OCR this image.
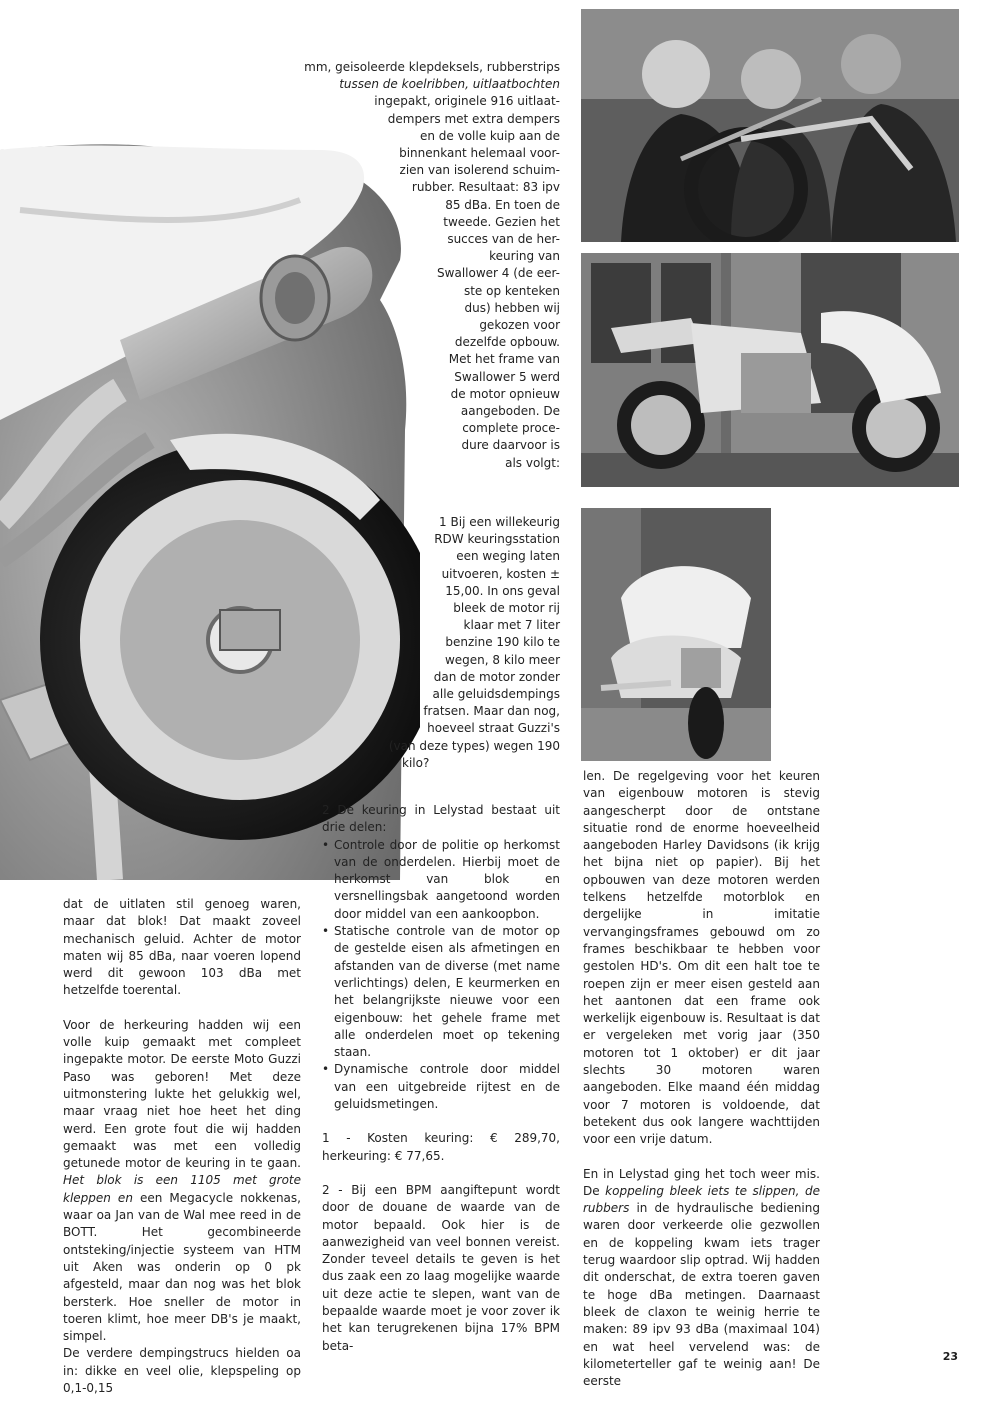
mm, geisoleerde klepdeksels, rubberstrips
tussen de koelribben, uitlaatbochten
ingepakt, originele 916 uitlaat-
dempers met extra dempers
en de volle kuip aan de
binnenkant helemaal voor-
zien van isolerend schuim-
rubber. Resultaat: 83 ipv
85 dBa. En toen de
tweede. Gezien het
succes van de her-
keuring van
Swallower 4 (de eer-
ste op kenteken
dus) hebben wij
gekozen voor
dezelfde opbouw.
Met het frame van
Swallower 5 werd
de motor opnieuw
aangeboden. De
complete proce-
dure daarvoor is
als volgt:
1 Bij een willekeurig
RDW keuringsstation
een weging laten
uitvoeren, kosten ±
15,00. In ons geval
bleek de motor rij
klaar met 7 liter
benzine 190 kilo te
wegen, 8 kilo meer
dan de motor zonder
alle geluidsdempings
fratsen. Maar dan nog,
hoeveel straat Guzzi's
(van deze types) wegen 190
kilo?

dat de uitlaten stil genoeg waren, maar dat blok! Dat maakt zoveel mechanisch geluid. Achter de motor maten wij 85 dBa, naar voeren lopend werd dit gewoon 103 dBa met hetzelfde toerental.

Voor de herkeuring hadden wij een volle kuip gemaakt met compleet ingepakte motor. De eerste Moto Guzzi Paso was geboren! Met deze uitmonstering lukte het gelukkig wel, maar vraag niet hoe heet het ding werd. Een grote fout die wij hadden gemaakt was met een volledig getunede motor de keuring in te gaan. Het blok is een 1105 met grote kleppen en een Megacycle nokkenas, waar oa Jan van de Wal mee reed in de BOTT. Het gecombineerde ontsteking/injectie systeem van HTM uit Aken was onderin op 0 pk afgesteld, maar dan nog was het blok bersterk. Hoe sneller de motor in toeren klimt, hoe meer DB's je maakt, simpel.

De verdere dempingstrucs hielden oa in: dikke en veel olie, klepspeling op 0,1-0,15

2 De keuring in Lelystad bestaat uit drie delen:

• Controle door de politie op herkomst van de onderdelen. Hierbij moet de herkomst van blok en versnellingsbak aangetoond worden door middel van een aankoopbon.
• Statische controle van de motor op de gestelde eisen als afmetingen en afstanden van de diverse (met name verlichtings) delen, E keurmerken en het belangrijkste nieuwe voor een eigenbouw: het gehele frame met alle onderdelen moet op tekening staan.
• Dynamische controle door middel van een uitgebreide rijtest en de geluidsmetingen.

1 - Kosten keuring: € 289,70, herkeuring: € 77,65.

2 - Bij een BPM aangiftepunt wordt door de douane de waarde van de motor bepaald. Ook hier is de aanwezigheid van veel bonnen vereist. Zonder teveel details te geven is het dus zaak een zo laag mogelijke waarde uit deze actie te slepen, want van de bepaalde waarde moet je voor zover ik het kan terugrekenen bijna 17% BPM beta-

len. De regelgeving voor het keuren van eigenbouw motoren is stevig aangescherpt door de ontstane situatie rond de enorme hoeveelheid aangeboden Harley Davidsons (ik krijg het bijna niet op papier). Bij het opbouwen van deze motoren werden telkens hetzelfde motorblok en dergelijke in imitatie vervangingsframes gebouwd om zo frames beschikbaar te hebben voor gestolen HD's. Om dit een halt toe te roepen zijn er meer eisen gesteld aan het aantonen dat een frame ook werkelijk eigenbouw is. Resultaat is dat er vergeleken met vorig jaar (350 motoren tot 1 oktober) er dit jaar slechts 30 motoren waren aangeboden. Elke maand één middag voor 7 motoren is voldoende, dat betekent dus ook langere wachttijden voor een vrije datum.

En in Lelystad ging het toch weer mis. De koppeling bleek iets te slippen, de rubbers in de hydraulische bediening waren door verkeerde olie gezwollen en de koppeling kwam iets trager terug waardoor slip optrad. Wij hadden dit onderschat, de extra toeren gaven te hoge dBa metingen. Daarnaast bleek de claxon te weinig herrie te maken: 89 ipv 93 dBa (maximaal 104) en wat heel vervelend was: de kilometerteller gaf te weinig aan! De eerste

23
